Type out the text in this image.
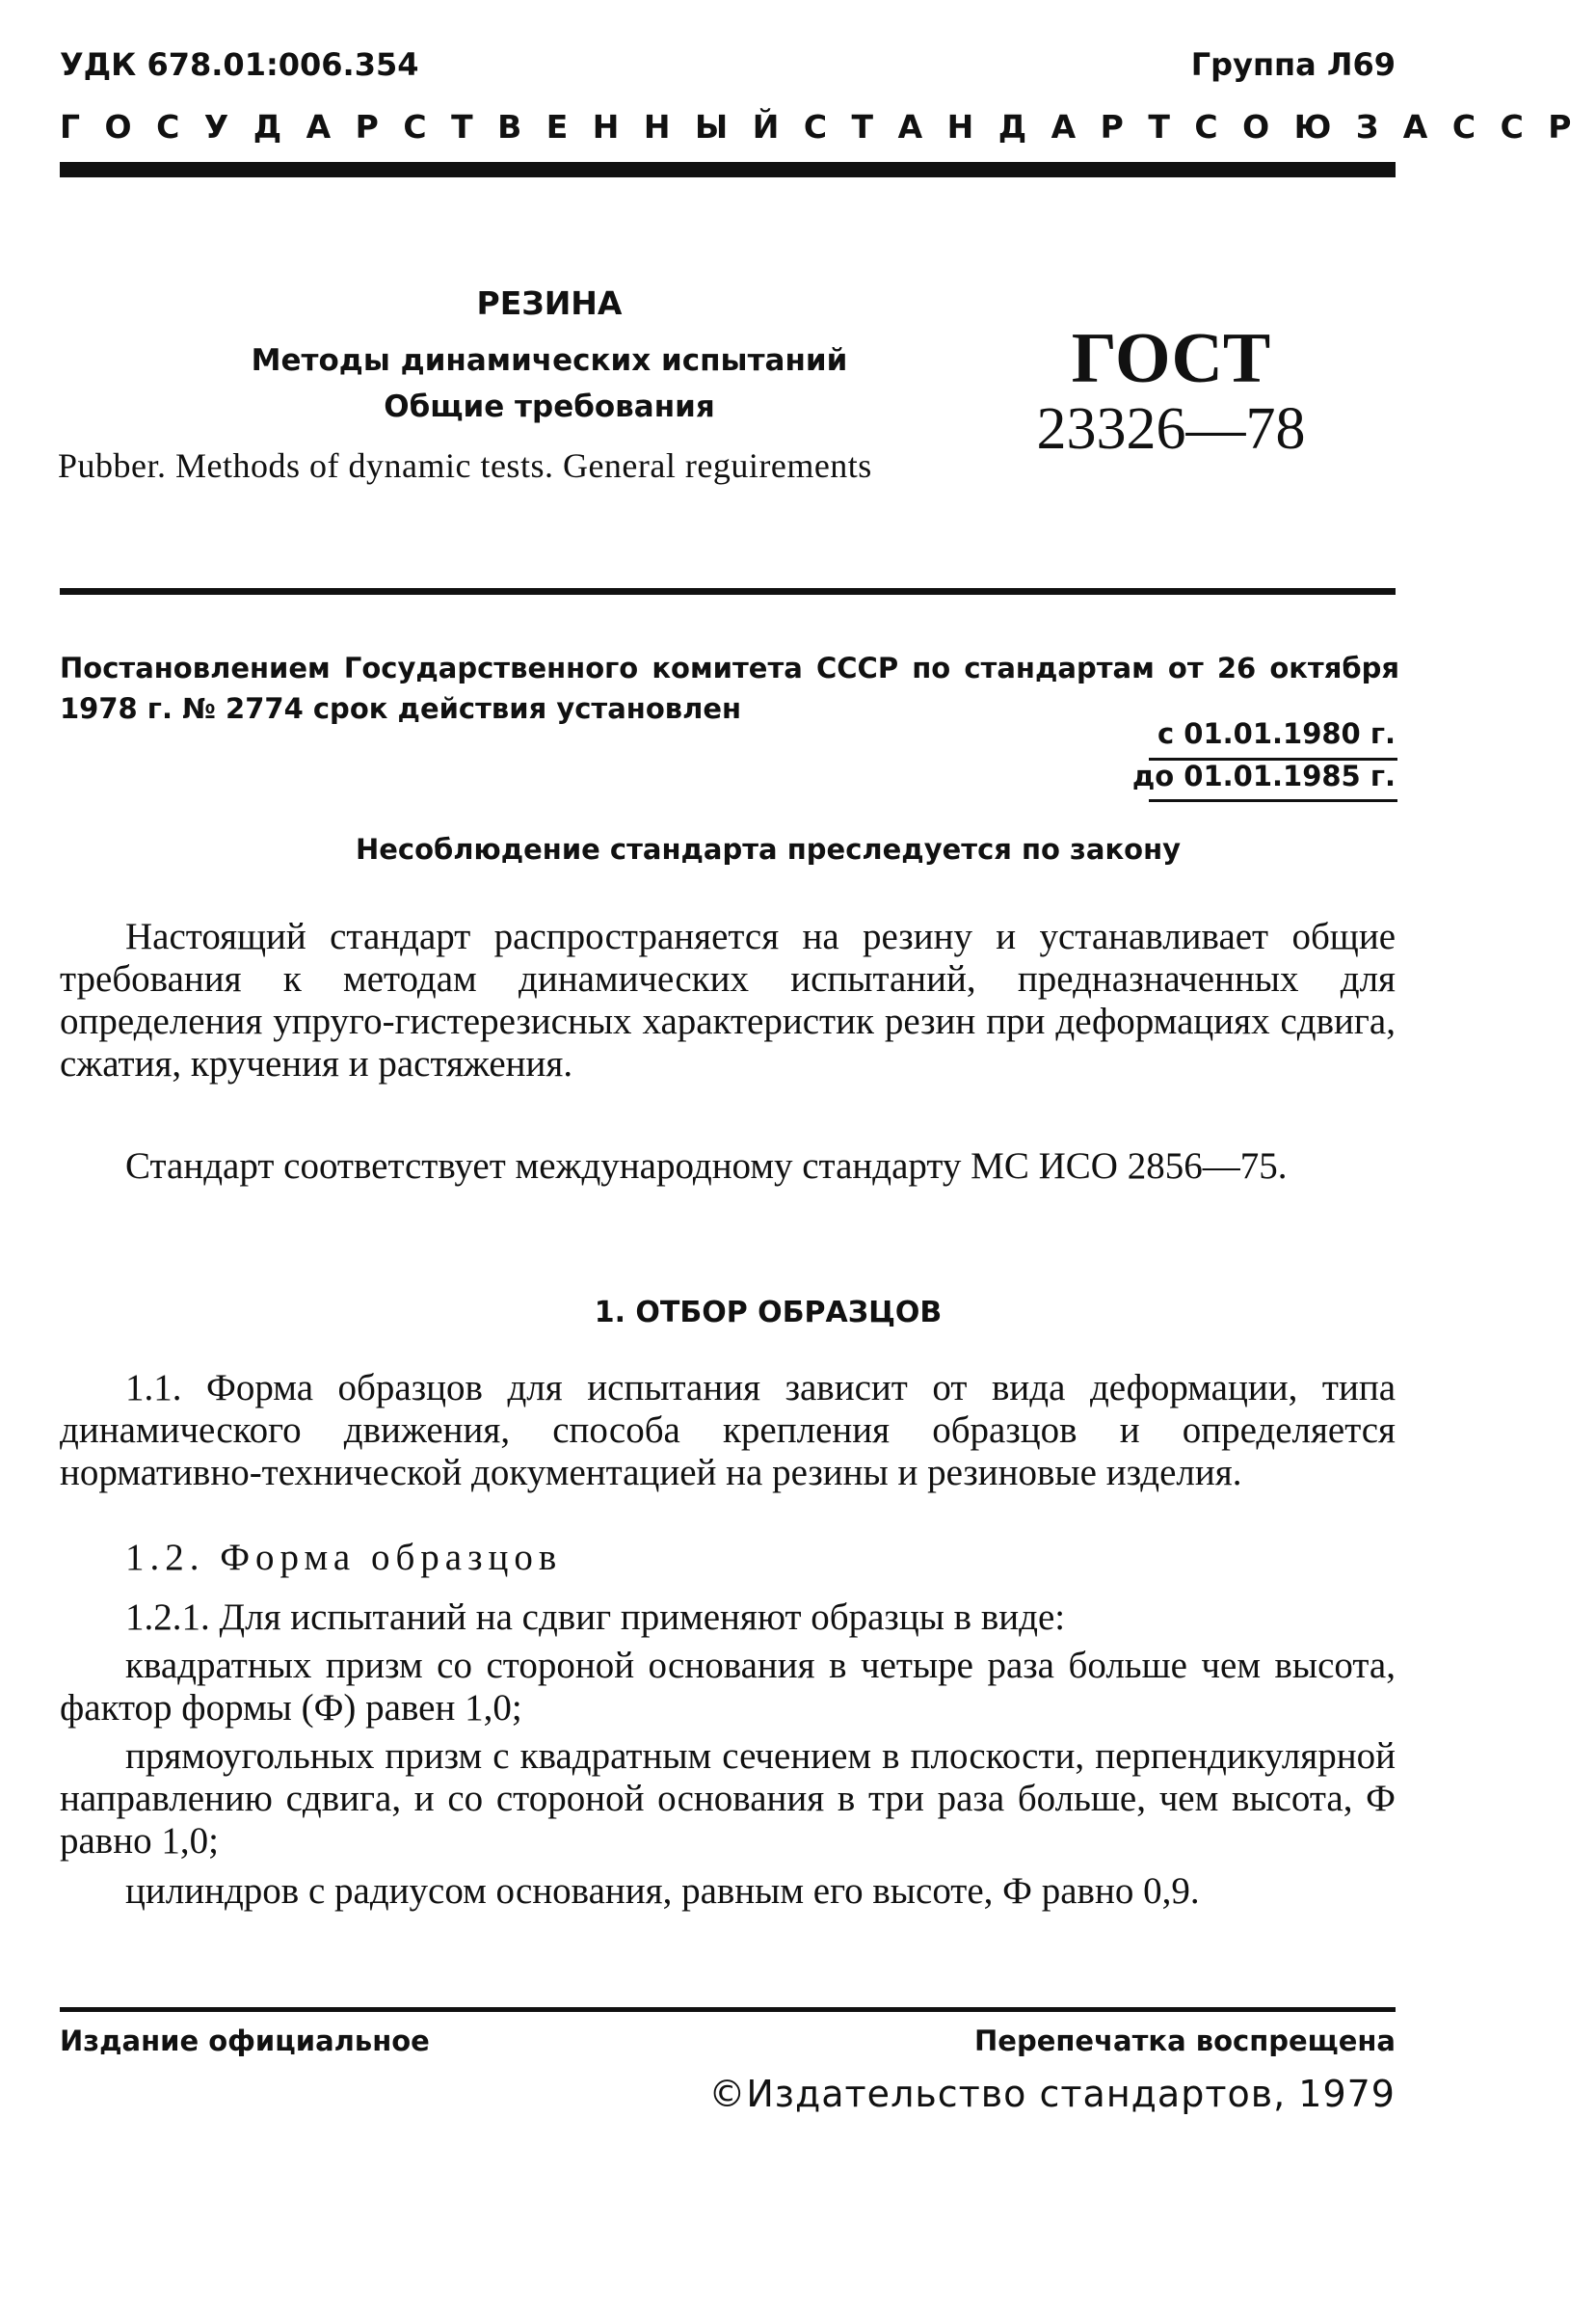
УДК 678.01:006.354	Группа Л69
ГОСУДАРСТВЕННЫЙ СТАНДАРТ СОЮЗА ССР
РЕЗИНА
Методы динамических испытаний
Общие требования
Pubber. Methods of dynamic tests. General reguirements
ГОСТ
23326—78
Постановлением Государственного комитета СССР по стандартам от 26 октября 1978 г. № 2774 срок действия установлен
с 01.01.1980 г.
до 01.01.1985 г.
Несоблюдение стандарта преследуется по закону
Настоящий стандарт распространяется на резину и устанавливает общие требования к методам динамических испытаний, предназначенных для определения упруго-гистерезисных характеристик резин при деформациях сдвига, сжатия, кручения и растяжения.
Стандарт соответствует международному стандарту МС ИСО 2856—75.
1. ОТБОР ОБРАЗЦОВ
1.1. Форма образцов для испытания зависит от вида деформации, типа динамического движения, способа крепления образцов и определяется нормативно-технической документацией на резины и резиновые изделия.
1.2. Форма образцов
1.2.1. Для испытаний на сдвиг применяют образцы в виде:
квадратных призм со стороной основания в четыре раза больше чем высота, фактор формы (Ф) равен 1,0;
прямоугольных призм с квадратным сечением в плоскости, перпендикулярной направлению сдвига, и со стороной основания в три раза больше, чем высота, Ф равно 1,0;
цилиндров с радиусом основания, равным его высоте, Ф равно 0,9.
Издание официальное	Перепечатка воспрещена
©Издательство стандартов, 1979
